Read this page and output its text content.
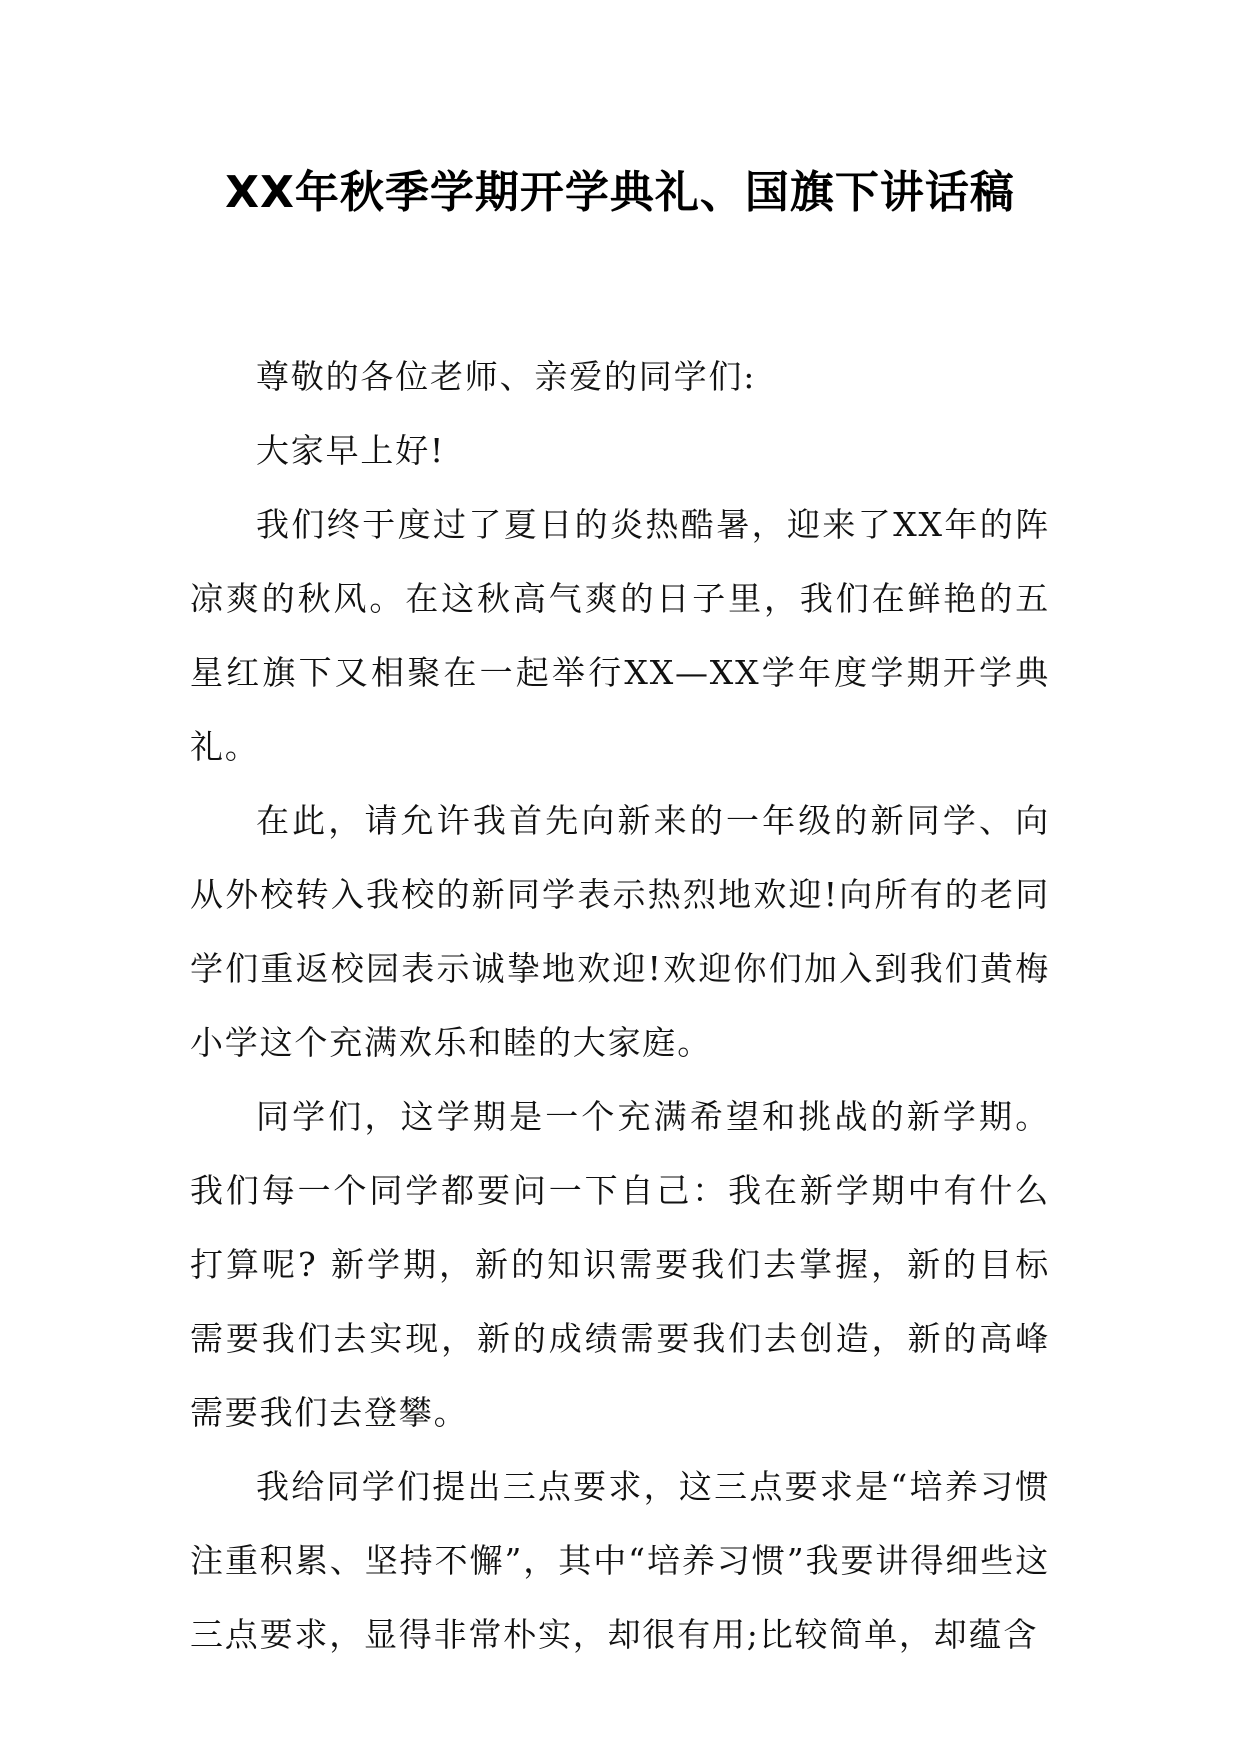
XX年秋季学期开学典礼、国旗下讲话稿

尊敬的各位老师、亲爱的同学们:

大家早上好!

我们终于度过了夏日的炎热酷暑，迎来了XX年的阵凉爽的秋风。在这秋高气爽的日子里，我们在鲜艳的五星红旗下又相聚在一起举行XX—XX学年度学期开学典礼。

在此，请允许我首先向新来的一年级的新同学、向从外校转入我校的新同学表示热烈地欢迎!向所有的老同学们重返校园表示诚挚地欢迎!欢迎你们加入到我们黄梅小学这个充满欢乐和睦的大家庭。

同学们，这学期是一个充满希望和挑战的新学期。我们每一个同学都要问一下自己：我在新学期中有什么打算呢? 新学期，新的知识需要我们去掌握，新的目标需要我们去实现，新的成绩需要我们去创造，新的高峰需要我们去登攀。

我给同学们提出三点要求，这三点要求是“培养习惯注重积累、坚持不懈”，其中“培养习惯”我要讲得细些这三点要求，显得非常朴实，却很有用;比较简单，却蕴含
